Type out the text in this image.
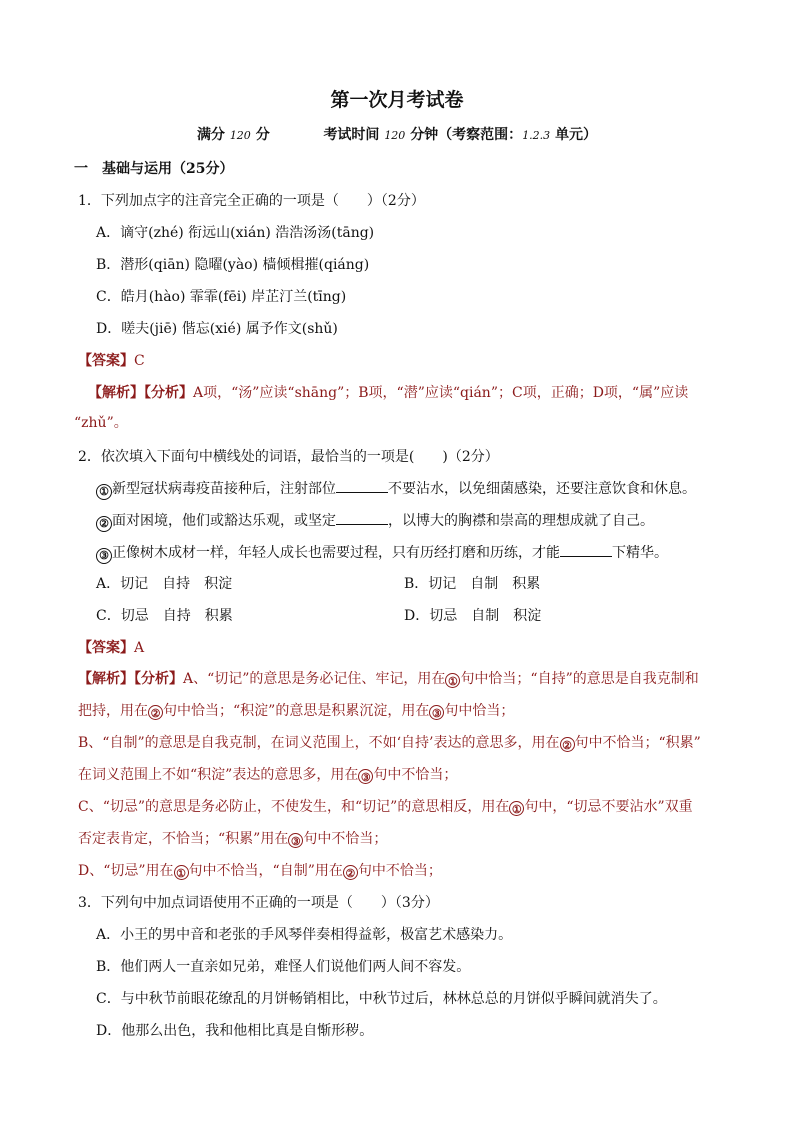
第一次月考试卷
满分 120 分	考试时间 120 分钟（考察范围：1.2.3 单元）
一　基础与运用（25分）
1．下列加点字的注音完全正确的一项是（　　）（2分）
A．谪守(zhé) 衔远山(xián) 浩浩汤汤(tāng)
B．潜形(qiān) 隐曜(yào) 樯倾楫摧(qiáng)
C．皓月(hào) 霏霏(fēi) 岸芷汀兰(tīng)
D．嗟夫(jiē) 偕忘(xié) 属予作文(shǔ)
【答案】C
【解析】【分析】A项，“汤”应读“shāng”；B项，“潜”应读“qián”；C项，正确；D项，“属”应读
“zhǔ”。
2．依次填入下面句中横线处的词语，最恰当的一项是(　　)（2分）
① 新型冠状病毒疫苗接种后，注射部位	不要沾水，以免细菌感染，还要注意饮食和休息。
② 面对困境，他们或豁达乐观，或坚定	，以博大的胸襟和崇高的理想成就了自己。
③ 正像树木成材一样，年轻人成长也需要过程，只有历经打磨和历练，才能	下精华。
A．切记　自持　积淀	B．切记　自制　积累
C．切忌　自持　积累	D．切忌　自制　积淀
【答案】A
【解析】【分析】A、“切记”的意思是务必记住、牢记，用在 ① 句中恰当；“自持”的意思是自我克制和
把持，用在 ② 句中恰当；“积淀”的意思是积累沉淀，用在 ③ 句中恰当；
B、“自制”的意思是自我克制，在词义范围上，不如‘自持’表达的意思多，用在 ② 句中不恰当；“积累”
在词义范围上不如“积淀”表达的意思多，用在 ③ 句中不恰当；
C、“切忌”的意思是务必防止，不使发生，和“切记”的意思相反，用在 ① 句中，“切忌不要沾水”双重
否定表肯定，不恰当；“积累”用在 ③ 句中不恰当；
D、“切忌”用在 ① 句中不恰当，“自制”用在 ② 句中不恰当；
3．下列句中加点词语使用不正确的一项是（　　）（3分）
A．小王的男中音和老张的手风琴伴奏相得益彰，极富艺术感染力。
B．他们两人一直亲如兄弟，难怪人们说他们两人间不容发。
C．与中秋节前眼花缭乱的月饼畅销相比，中秋节过后，林林总总的月饼似乎瞬间就消失了。
D．他那么出色，我和他相比真是自惭形秽。
